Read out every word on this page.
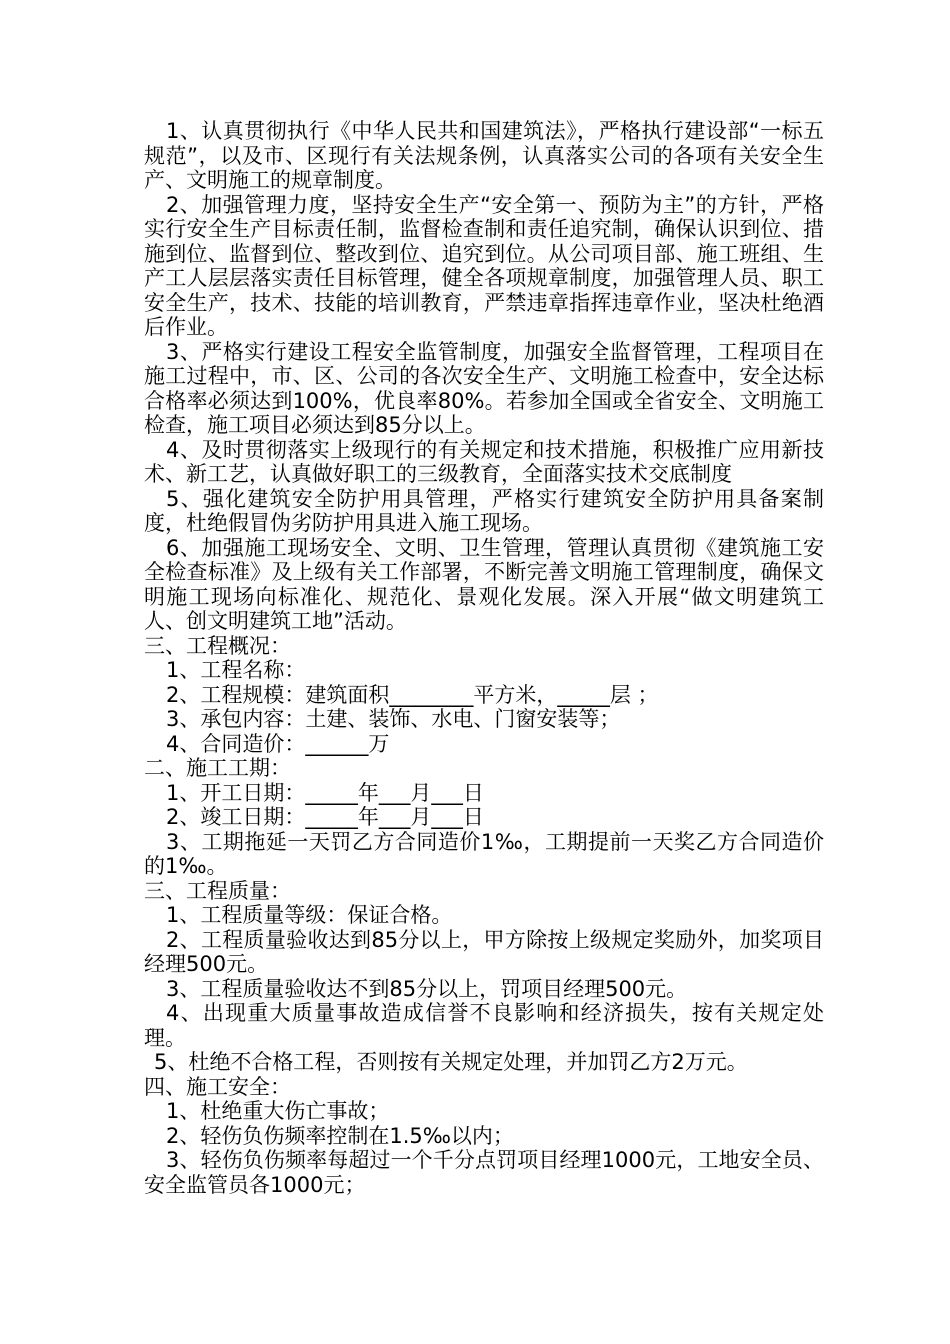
1、认真贯彻执行《中华人民共和国建筑法》，严格执行建设部“一标五规范”，以及市、区现行有关法规条例，认真落实公司的各项有关安全生产、文明施工的规章制度。

2、加强管理力度，坚持安全生产“安全第一、预防为主”的方针，严格实行安全生产目标责任制，监督检查制和责任追究制，确保认识到位、措施到位、监督到位、整改到位、追究到位。从公司项目部、施工班组、生产工人层层落实责任目标管理，健全各项规章制度，加强管理人员、职工安全生产，技术、技能的培训教育，严禁违章指挥违章作业，坚决杜绝酒后作业。

3、严格实行建设工程安全监管制度，加强安全监督管理，工程项目在施工过程中，市、区、公司的各次安全生产、文明施工检查中，安全达标合格率必须达到100%，优良率80%。若参加全国或全省安全、文明施工检查，施工项目必须达到85分以上。

4、及时贯彻落实上级现行的有关规定和技术措施，积极推广应用新技术、新工艺，认真做好职工的三级教育，全面落实技术交底制度

5、强化建筑安全防护用具管理，严格实行建筑安全防护用具备案制度，杜绝假冒伪劣防护用具进入施工现场。

6、加强施工现场安全、文明、卫生管理，管理认真贯彻《建筑施工安全检查标准》及上级有关工作部署，不断完善文明施工管理制度，确保文明施工现场向标准化、规范化、景观化发展。深入开展“做文明建筑工人、创文明建筑工地”活动。

三、工程概况：

1、工程名称：

2、工程规模：建筑面积________平方米，_____层 ；

3、承包内容：土建、装饰、水电、门窗安装等；

4、合同造价：______万

二、施工工期：

1、开工日期：_____年___月___日

2、竣工日期：_____年___月___日

3、工期拖延一天罚乙方合同造价1‰，工期提前一天奖乙方合同造价的1‰。

三、工程质量：

1、工程质量等级：保证合格。

2、工程质量验收达到85分以上，甲方除按上级规定奖励外，加奖项目经理500元。

3、工程质量验收达不到85分以上，罚项目经理500元。

4、出现重大质量事故造成信誉不良影响和经济损失，按有关规定处理。

5、杜绝不合格工程，否则按有关规定处理，并加罚乙方2万元。

四、施工安全：

1、杜绝重大伤亡事故；

2、轻伤负伤频率控制在1.5‰以内；

3、轻伤负伤频率每超过一个千分点罚项目经理1000元，工地安全员、安全监管员各1000元；
